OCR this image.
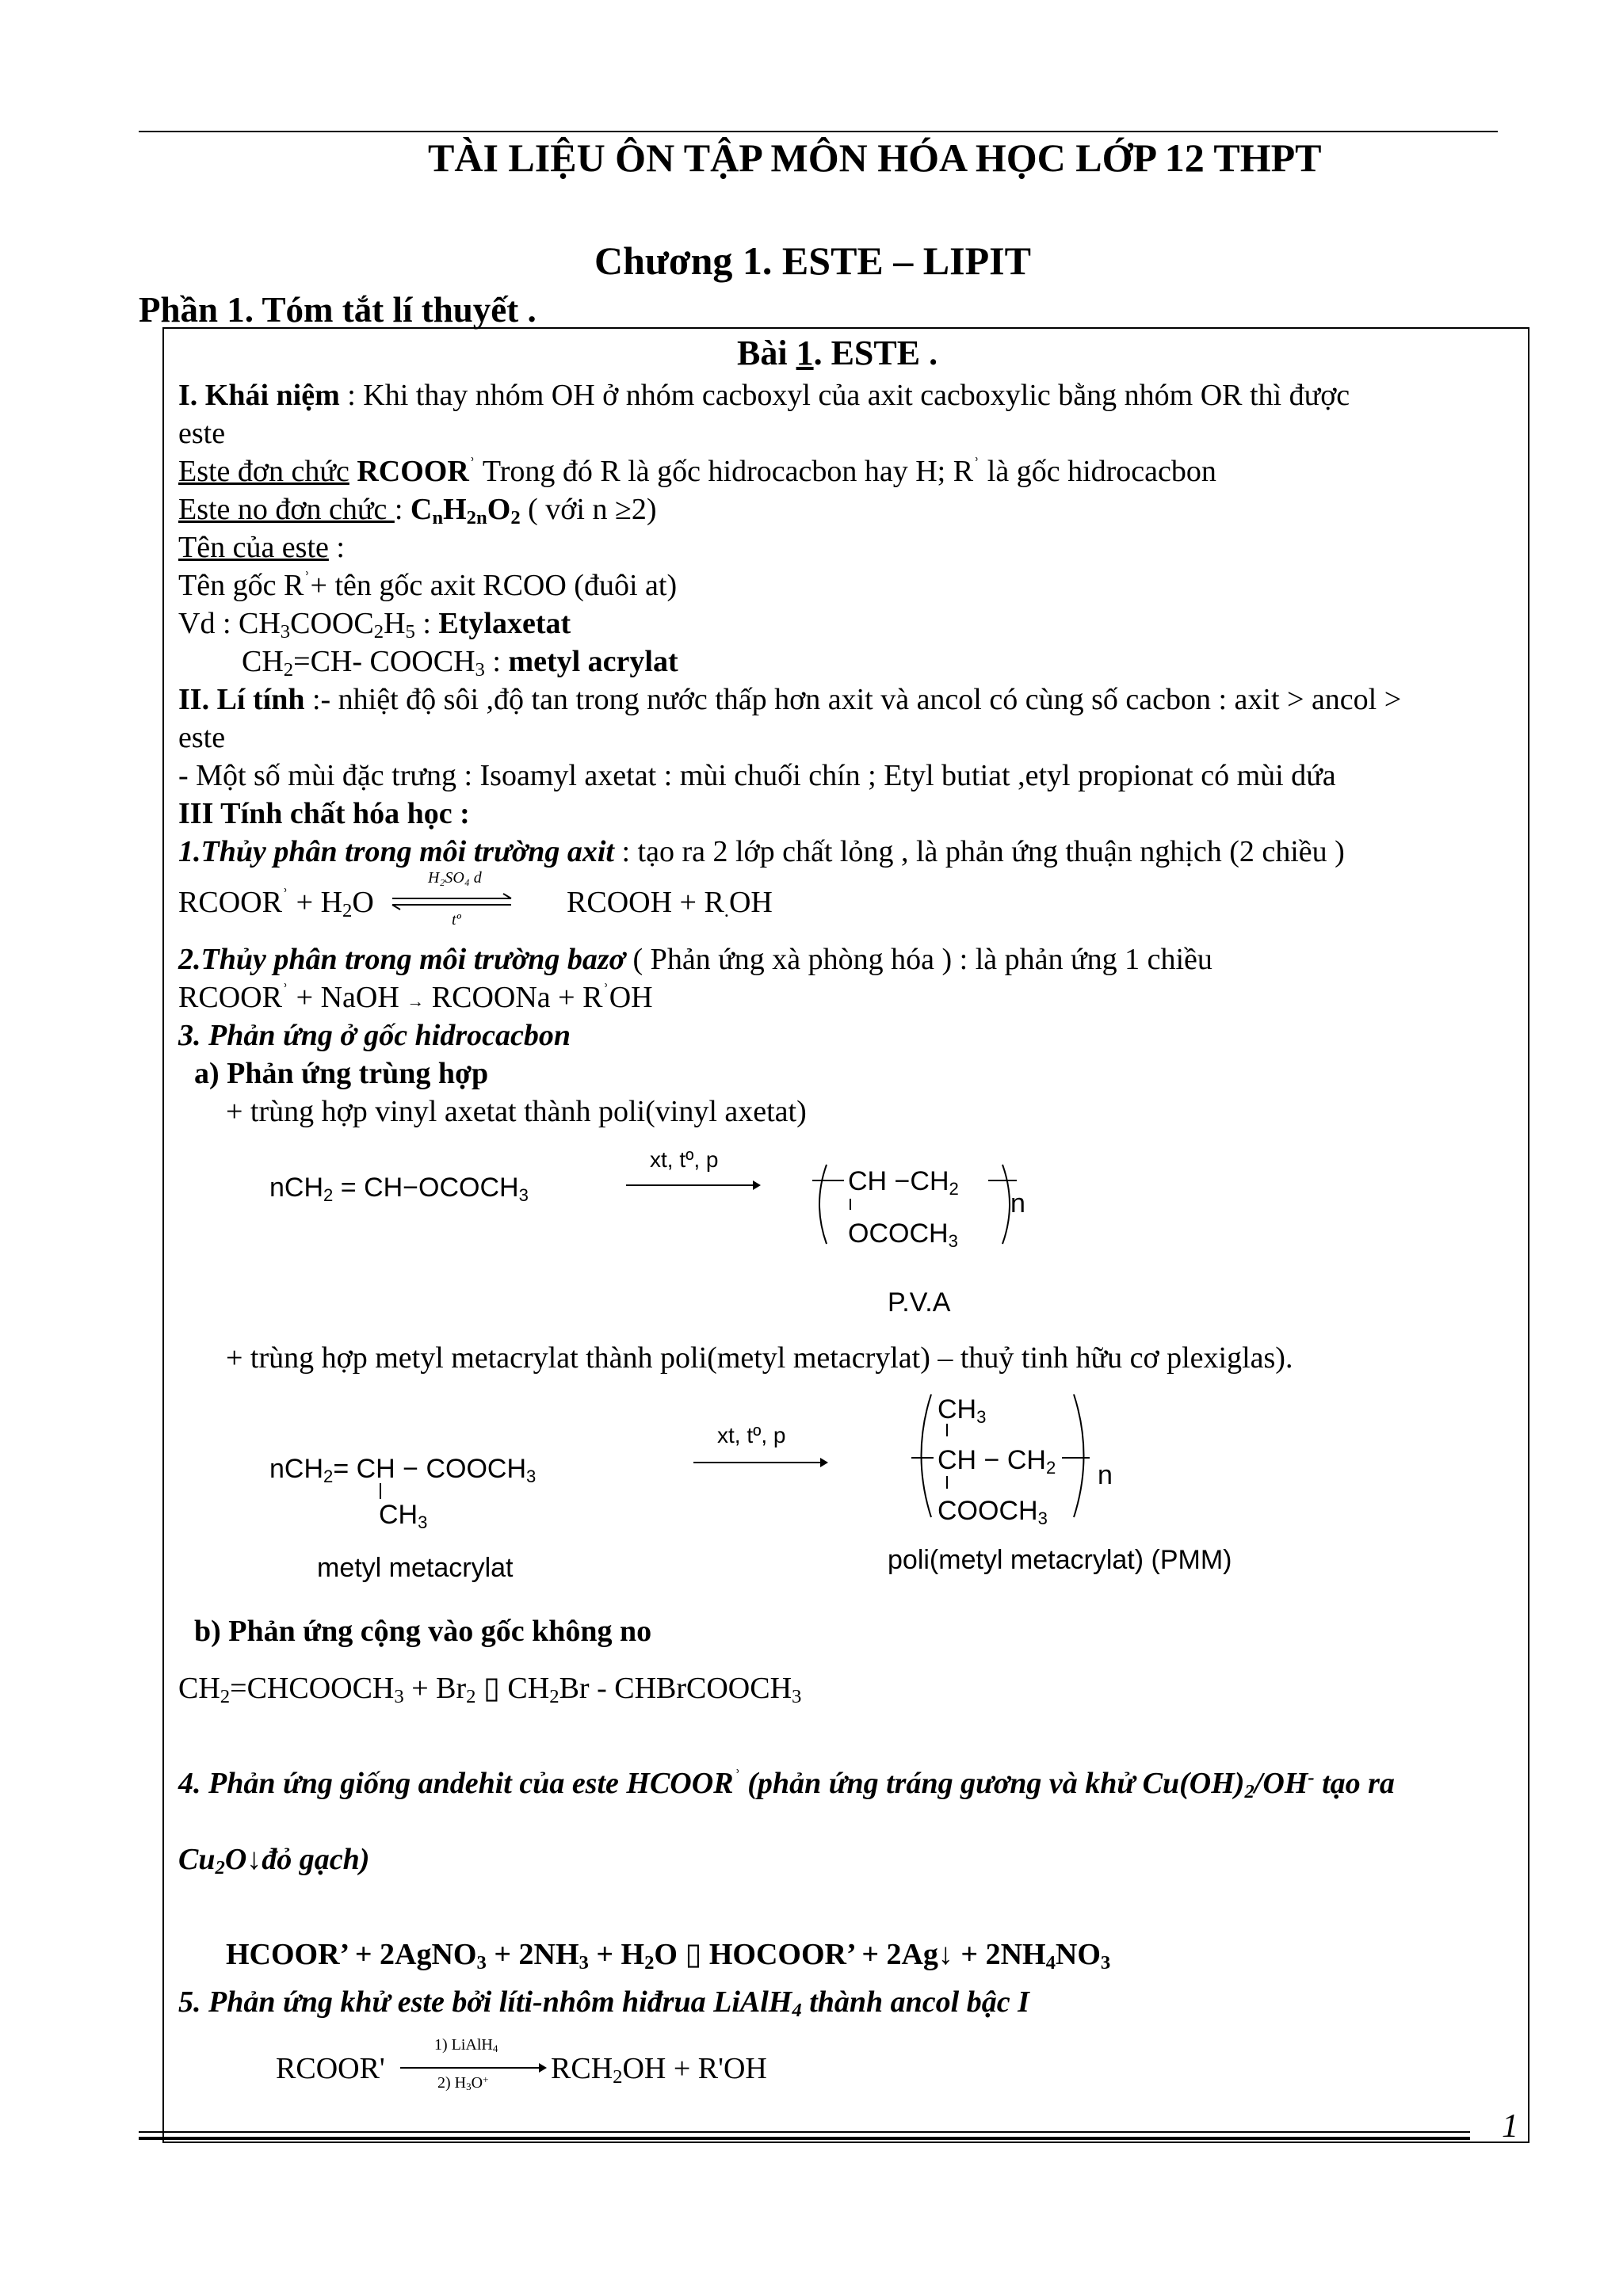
TÀI LIỆU ÔN TẬP MÔN HÓA HỌC LỚP 12 THPT
Chương 1. ESTE – LIPIT
Phần 1. Tóm tắt lí thuyết .
Bài 1. ESTE .
I. Khái niệm : Khi thay nhóm OH ở nhóm cacboxyl của axit cacboxylic bằng nhóm OR thì được
este
Este đơn chức $RCOOR^ʾ$ Trong đó R là gốc hidrocacbon hay H; $R^ʾ$ là gốc hidrocacbon
Este no đơn chức : CnH2nO2 ( với n ≥2)
Tên của este :
Tên gốc $R^ʾ+$ tên gốc axit RCOO (đuôi at)
Vd : CH3COOC2H5 : Etylaxetat
CH2=CH- COOCH3 : metyl acrylat
II. Lí tính :- nhiệt độ sôi ,độ tan trong nước thấp hơn axit và ancol có cùng số cacbon : axit > ancol >
este
- Một số mùi đặc trưng : Isoamyl axetat : mùi chuối chín ; Etyl butiat ,etyl propionat có mùi dứa
III Tính chất hóa học :
1.Thủy phân trong môi trường axit : tạo ra 2 lớp chất lỏng , là phản ứng thuận nghịch (2 chiều )
$RCOOR^ʾ + H2O$
H₂SO₄ d
tº
RCOOH + R.OH
2.Thủy phân trong môi trường bazơ ( Phản ứng xà phòng hóa ) : là phản ứng 1 chiều
$RCOOR^ʾ$ + NaOH → RCOONa + $R^ʾOH$
3. Phản ứng ở gốc hidrocacbon
a) Phản ứng trùng hợp
+ trùng hợp vinyl axetat thành poli(vinyl axetat)
nCH2 = CH−OCOCH3
xt, tº, p
CH −CH2
OCOCH3
n
P.V.A
+ trùng hợp metyl metacrylat thành poli(metyl metacrylat) – thuỷ tinh hữu cơ plexiglas).
nCH2= CH − COOCH3
CH3
xt, tº, p
CH3
CH − CH2
COOCH3
n
metyl metacrylat	poli(metyl metacrylat) (PMM)
b) Phản ứng cộng vào gốc không no
CH2=CHCOOCH3 + Br2 ▯ CH2Br - CHBrCOOCH3
4. Phản ứng giống andehit của este $HCOOR^ʾ$ (phản ứng tráng gương và khử Cu(OH)2/OH- tạo ra
Cu2O↓đỏ gạch)
HCOOR’ + 2AgNO3 + 2NH3 + H2O ▯ HOCOOR’ + 2Ag↓ + 2NH4NO3
5. Phản ứng khử este bởi líti-nhôm hiđrua LiAlH4 thành ancol bậc I
RCOOR'
1) LiAlH4
2) H3O+ RCH2OH + R'OH
1
